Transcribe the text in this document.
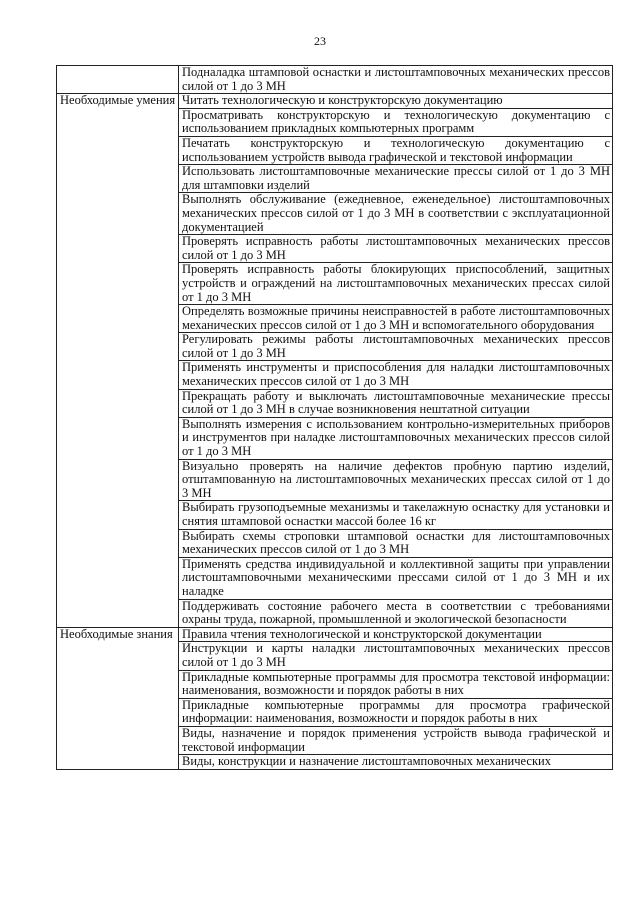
23
	Подналадка штамповой оснастки и листоштамповочных механических прессов силой от 1 до 3 МН
Необходимые умения	Читать технологическую и конструкторскую документацию
	Просматривать конструкторскую и технологическую документацию с использованием прикладных компьютерных программ
	Печатать конструкторскую и технологическую документацию с использованием устройств вывода графической и текстовой информации
	Использовать листоштамповочные механические прессы силой от 1 до 3 МН для штамповки изделий
	Выполнять обслуживание (ежедневное, еженедельное) листоштамповочных механических прессов силой от 1 до 3 МН в соответствии с эксплуатационной документацией
	Проверять исправность работы листоштамповочных механических прессов силой от 1 до 3 МН
	Проверять исправность работы блокирующих приспособлений, защитных устройств и ограждений на листоштамповочных механических прессах силой от 1 до 3 МН
	Определять возможные причины неисправностей в работе листоштамповочных механических прессов силой от 1 до 3 МН и вспомогательного оборудования
	Регулировать режимы работы листоштамповочных механических прессов силой от 1 до 3 МН
	Применять инструменты и приспособления для наладки листоштамповочных механических прессов силой от 1 до 3 МН
	Прекращать работу и выключать листоштамповочные механические прессы силой от 1 до 3 МН в случае возникновения нештатной ситуации
	Выполнять измерения с использованием контрольно-измерительных приборов и инструментов при наладке листоштамповочных механических прессов силой от 1 до 3 МН
	Визуально проверять на наличие дефектов пробную партию изделий, отштампованную на листоштамповочных механических прессах силой от 1 до 3 МН
	Выбирать грузоподъемные механизмы и такелажную оснастку для установки и снятия штамповой оснастки массой более 16 кг
	Выбирать схемы строповки штамповой оснастки для листоштамповочных механических прессов силой от 1 до 3 МН
	Применять средства индивидуальной и коллективной защиты при управлении листоштамповочными механическими прессами силой от 1 до 3 МН и их наладке
	Поддерживать состояние рабочего места в соответствии с требованиями охраны труда, пожарной, промышленной и экологической безопасности
Необходимые знания	Правила чтения технологической и конструкторской документации
	Инструкции и карты наладки листоштамповочных механических прессов силой от 1 до 3 МН
	Прикладные компьютерные программы для просмотра текстовой информации: наименования, возможности и порядок работы в них
	Прикладные компьютерные программы для просмотра графической информации: наименования, возможности и порядок работы в них
	Виды, назначение и порядок применения устройств вывода графической и текстовой информации
	Виды, конструкции и назначение листоштамповочных механических
